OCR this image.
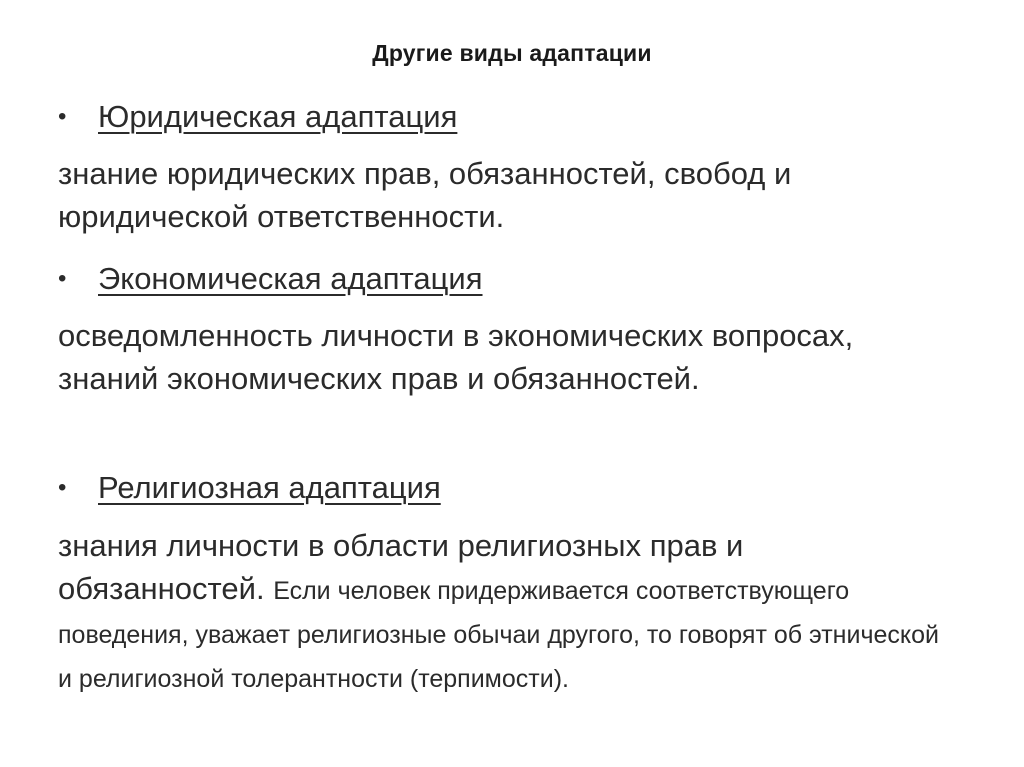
Другие виды адаптации
• Юридическая адаптация
знание юридических прав, обязанностей, свобод и юридической ответственности.
• Экономическая адаптация
осведомленность личности в экономических вопросах, знаний экономических прав и обязанностей.
• Религиозная адаптация
знания личности в области религиозных прав и обязанностей. Если человек придерживается соответствующего поведения, уважает религиозные обычаи другого, то говорят об этнической и религиозной толерантности (терпимости).
